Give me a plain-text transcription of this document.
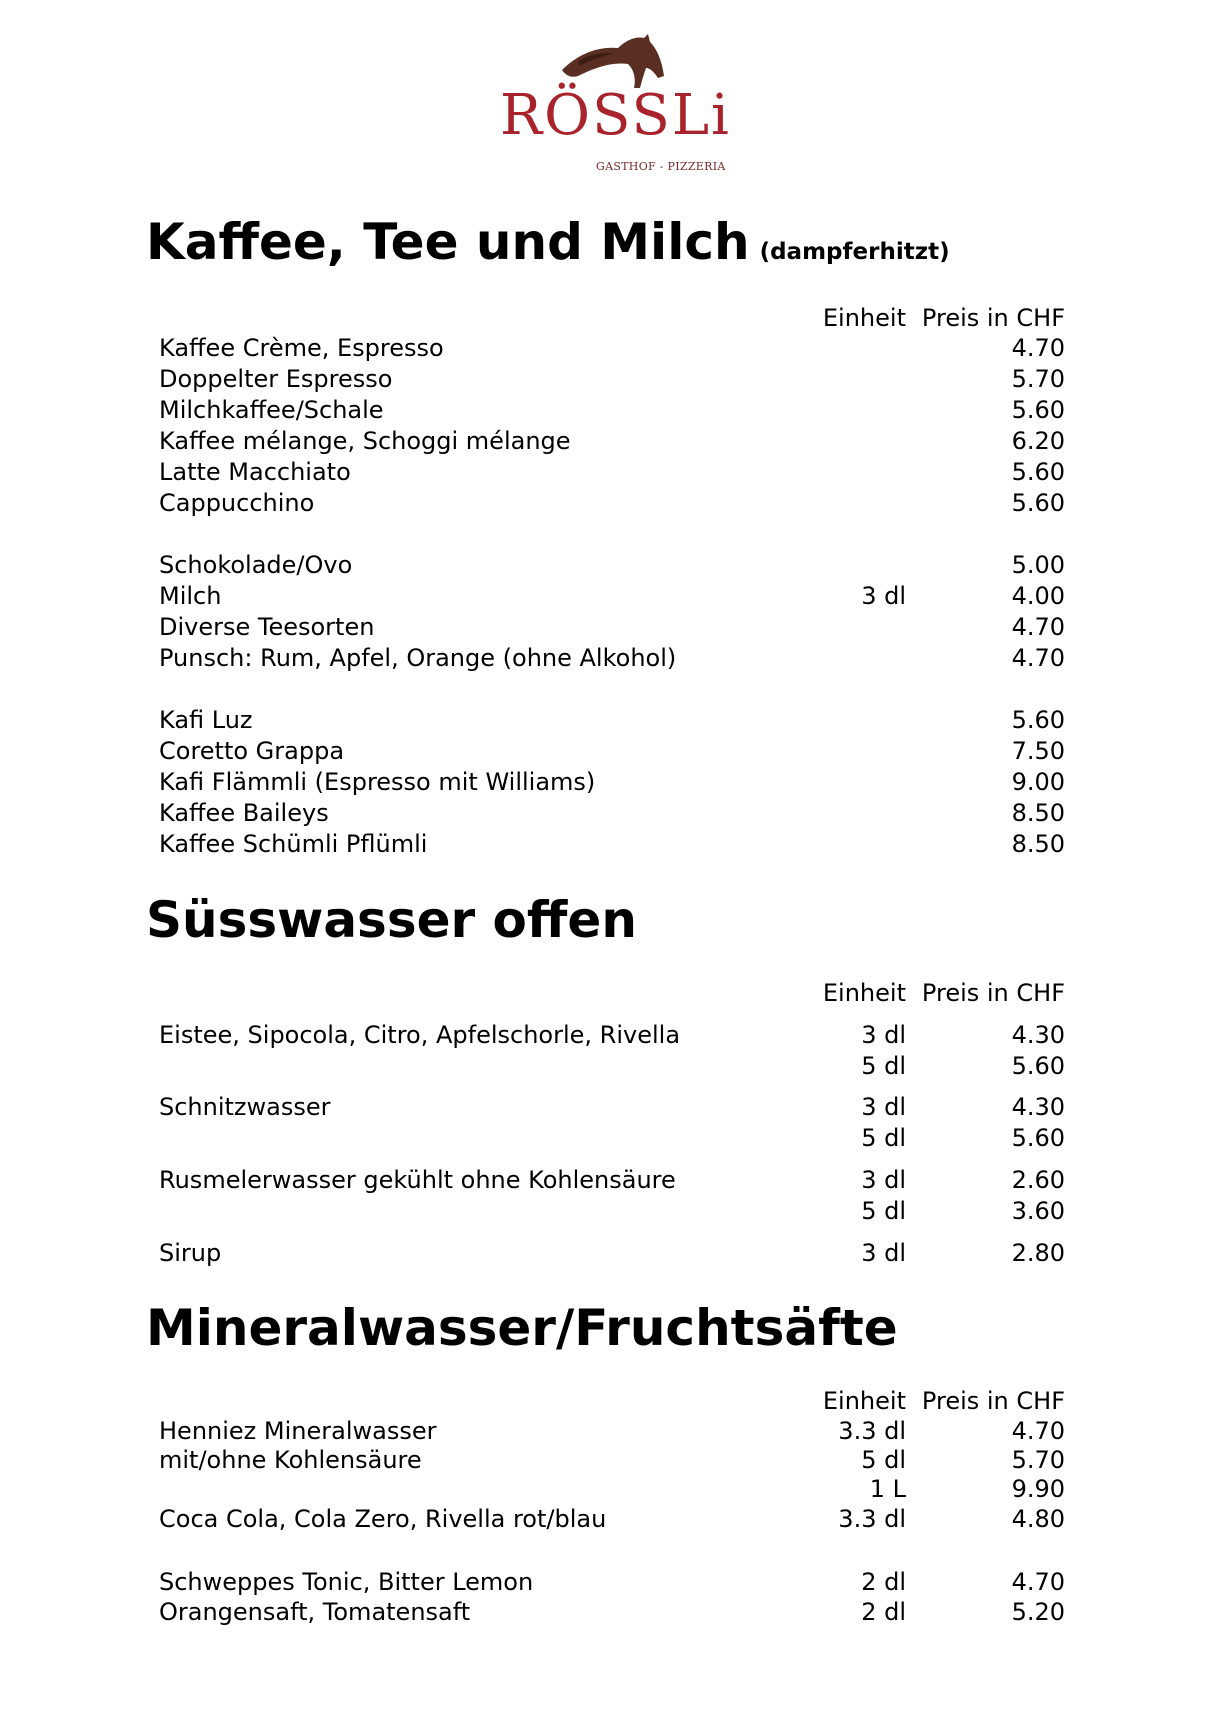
RÖSSLi
GASTHOF - PIZZERIA
Kaffee, Tee und Milch (dampferhitzt)
Einheit Preis in CHF
Kaffee Crème, Espresso	4.70
Doppelter Espresso	5.70
Milchkaffee/Schale	5.60
Kaffee mélange, Schoggi mélange	6.20
Latte Macchiato	5.60
Cappucchino	5.60
Schokolade/Ovo	5.00
Milch	3 dl	4.00
Diverse Teesorten	4.70
Punsch: Rum, Apfel, Orange (ohne Alkohol)	4.70
Kafi Luz	5.60
Coretto Grappa	7.50
Kafi Flämmli (Espresso mit Williams)	9.00
Kaffee Baileys	8.50
Kaffee Schümli Pflümli	8.50
Süsswasser offen
Einheit Preis in CHF
Eistee, Sipocola, Citro, Apfelschorle, Rivella	3 dl	4.30
5 dl	5.60
Schnitzwasser	3 dl	4.30
5 dl	5.60
Rusmelerwasser gekühlt ohne Kohlensäure	3 dl	2.60
5 dl	3.60
Sirup	3 dl	2.80
Mineralwasser/Fruchtsäfte
Einheit Preis in CHF
Henniez Mineralwasser	3.3 dl	4.70
mit/ohne Kohlensäure	5 dl	5.70
1 L	9.90
Coca Cola, Cola Zero, Rivella rot/blau	3.3 dl	4.80
Schweppes Tonic, Bitter Lemon	2 dl	4.70
Orangensaft, Tomatensaft	2 dl	5.20
